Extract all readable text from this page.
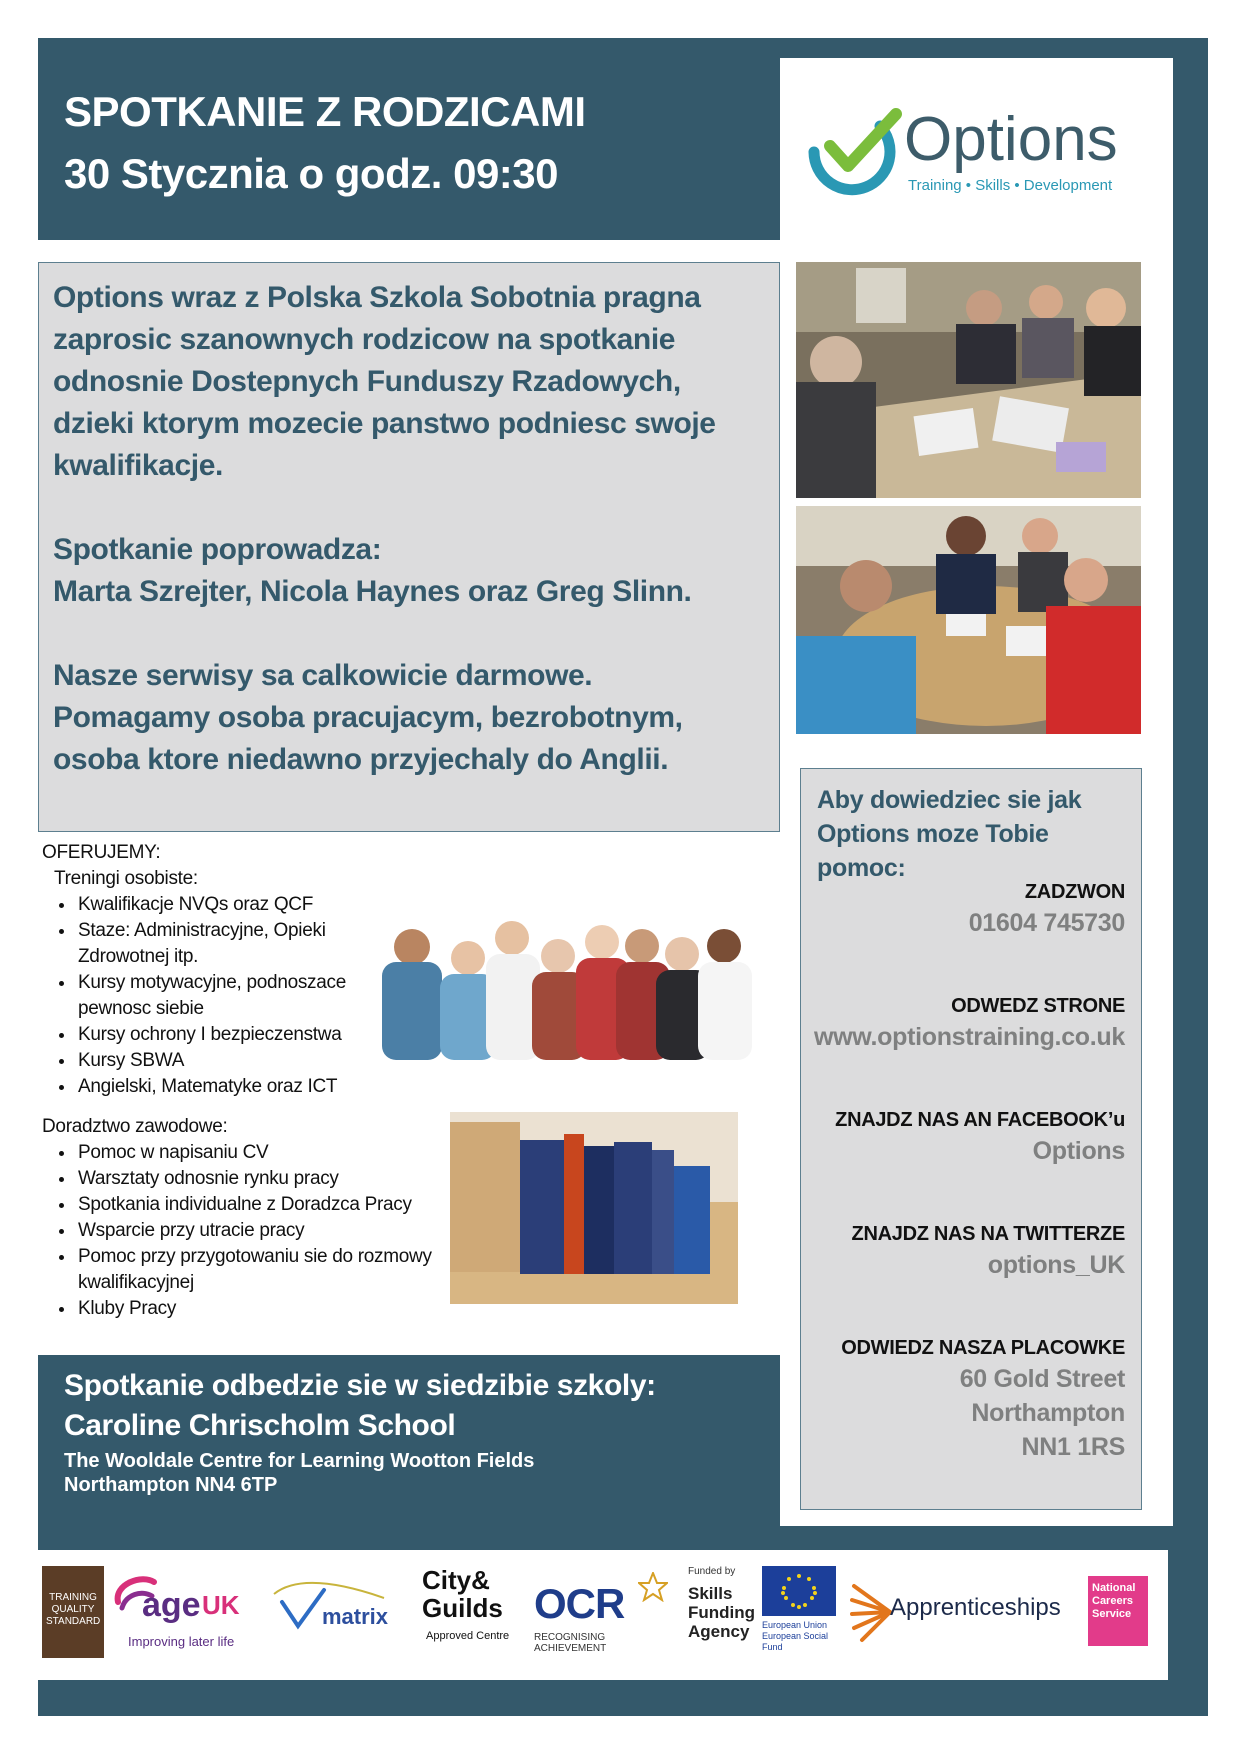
SPOTKANIE Z RODZICAMI
30 Stycznia o godz. 09:30	Options
Training • Skills • Development

Options wraz z Polska Szkola Sobotnia pragna

zaprosic szanownych rodzicow na spotkanie

odnosnie Dostepnych Funduszy Rzadowych,

dzieki ktorym mozecie panstwo podniesc swoje

kwalifikacje.

Spotkanie poprowadza:

Marta Szrejter, Nicola Haynes oraz Greg Slinn.

Nasze serwisy sa calkowicie darmowe.

Pomagamy osoba pracujacym, bezrobotnym,

osoba ktore niedawno przyjechaly do Anglii.

OFERUJEMY:
Treningi osobiste:
• Kwalifikacje NVQs oraz QCF
• Staze: Administracyjne, Opieki Zdrowotnej itp.
• Kursy motywacyjne, podnoszace pewnosc siebie
• Kursy ochrony I bezpieczenstwa
• Kursy SBWA
• Angielski, Matematyke oraz ICT
Doradztwo zawodowe:
• Pomoc w napisaniu CV
• Warsztaty odnosnie rynku pracy
• Spotkania individualne z Doradzca Pracy
• Wsparcie przy utracie pracy
• Pomoc przy przygotowaniu sie do rozmowy kwalifikacyjnej
• Kluby Pracy
Spotkanie odbedzie sie w siedzibie szkoly:
Caroline Chrischolm School
The Wooldale Centre for Learning Wootton Fields
Northampton NN4 6TP
Aby dowiedziec sie jak
Options moze Tobie pomoc:
ZADZWON
01604 745730
ODWEDZ STRONE
www.optionstraining.co.uk
ZNAJDZ NAS AN FACEBOOK’u
Options
ZNAJDZ NAS NA TWITTERZE
options_UK
ODWIEDZ NASZA PLACOWKE
60 Gold Street
Northampton
NN1 1RS
TRAINING
QUALITY
STANDARD age UK
Improving later life
matrix
City&
Guilds
Approved Centre
OCR
RECOGNISING ACHIEVEMENT
Funded by
Skills
Funding
Agency	European Union
European Social Fund
Apprenticeships
National
Careers
Service
